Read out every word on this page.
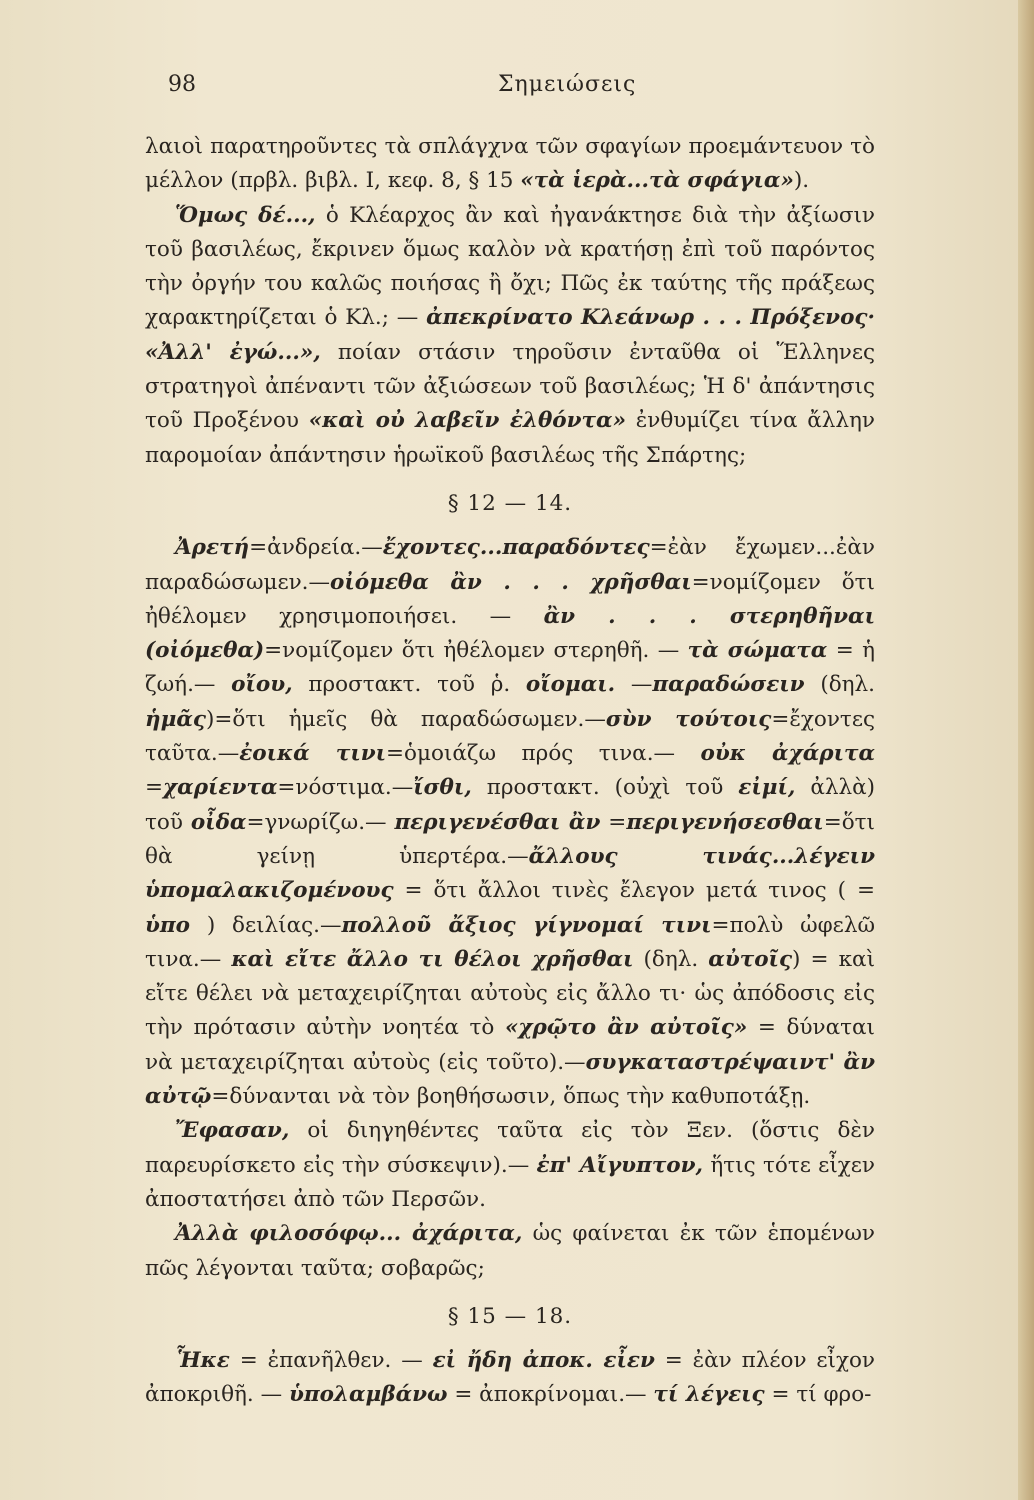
98	Σημειώσεις

λαιοὶ παρατηροῦντες τὰ σπλάγχνα τῶν σφαγίων προεμάντευον τὸ μέλλον (πρβλ. βιβλ. I, κεφ. 8, § 15 «τὰ ἱερὰ...τὰ σφάγια»).

Ὅμως δέ..., ὁ Κλέαρχος ἂν καὶ ἠγανάκτησε διὰ τὴν ἀξίωσιν τοῦ βασιλέως, ἔκρινεν ὅμως καλὸν νὰ κρατήσῃ ἐπὶ τοῦ παρόντος τὴν ὀργήν του καλῶς ποιήσας ἢ ὄχι; Πῶς ἐκ ταύτης τῆς πράξεως χαρακτηρίζεται ὁ Κλ.; — ἀπεκρίνατο Κλεάνωρ . . . Πρόξενος· «Ἀλλ' ἐγώ...», ποίαν στάσιν τηροῦσιν ἐνταῦθα οἱ Ἕλληνες στρατηγοὶ ἀπέναντι τῶν ἀξιώσεων τοῦ βασιλέως; Ἡ δ' ἀπάντησις τοῦ Προξένου «καὶ οὐ λαβεῖν ἐλθόντα» ἐνθυμίζει τίνα ἄλλην παρομοίαν ἀπάντησιν ἡρωϊκοῦ βασιλέως τῆς Σπάρτης;

§ 12 — 14.

Ἀρετή=ἀνδρεία.—ἔχοντες...παραδόντες=ἐὰν ἔχωμεν...ἐὰν παραδώσωμεν.—οἰόμεθα ἂν . . . χρῆσθαι=νομίζομεν ὅτι ἠθέλομεν χρησιμοποιήσει. — ἂν . . . στερηθῆναι (οἰόμεθα)=νομίζομεν ὅτι ἠθέλομεν στερηθῆ. — τὰ σώματα = ἡ ζωή.— οἴου, προστακτ. τοῦ ῥ. οἴομαι. —παραδώσειν (δηλ. ἡμᾶς)=ὅτι ἡμεῖς θὰ παραδώσωμεν.—σὺν τούτοις=ἔχοντες ταῦτα.—ἐοικά τινι=ὁμοιάζω πρός τινα.— οὐκ ἀχάριτα =χαρίεντα=νόστιμα.—ἴσθι, προστακτ. (οὐχὶ τοῦ εἰμί, ἀλλὰ) τοῦ οἶδα=γνωρίζω.— περιγενέσθαι ἂν =περιγενήσεσθαι=ὅτι θὰ γείνῃ ὑπερτέρα.—ἄλλους τινάς...λέγειν ὑπομαλακιζομένους = ὅτι ἄλλοι τινὲς ἔλεγον μετά τινος ( = ὑπο ) δειλίας.—πολλοῦ ἄξιος γίγνομαί τινι=πολὺ ὠφελῶ τινα.— καὶ εἴτε ἄλλο τι θέλοι χρῆσθαι (δηλ. αὐτοῖς) = καὶ εἴτε θέλει νὰ μεταχειρίζηται αὐτοὺς εἰς ἄλλο τι· ὡς ἀπόδοσις εἰς τὴν πρότασιν αὐτὴν νοητέα τὸ «χρῷτο ἂν αὐτοῖς» = δύναται νὰ μεταχειρίζηται αὐτοὺς (εἰς τοῦτο).—συγκαταστρέψαιντ' ἂν αὐτῷ=δύνανται νὰ τὸν βοηθήσωσιν, ὅπως τὴν καθυποτάξῃ.

Ἔφασαν, οἱ διηγηθέντες ταῦτα εἰς τὸν Ξεν. (ὅστις δὲν παρευρίσκετο εἰς τὴν σύσκεψιν).— ἐπ' Αἴγυπτον, ἥτις τότε εἶχεν ἀποστατήσει ἀπὸ τῶν Περσῶν.

Ἀλλὰ φιλοσόφῳ... ἀχάριτα, ὡς φαίνεται ἐκ τῶν ἑπομένων πῶς λέγονται ταῦτα; σοβαρῶς;

§ 15 — 18.

Ἧκε = ἐπανῆλθεν. — εἰ ἤδη ἀποκ. εἶεν = ἐὰν πλέον εἶχον ἀποκριθῆ. — ὑπολαμβάνω = ἀποκρίνομαι.— τί λέγεις = τί φρο-
